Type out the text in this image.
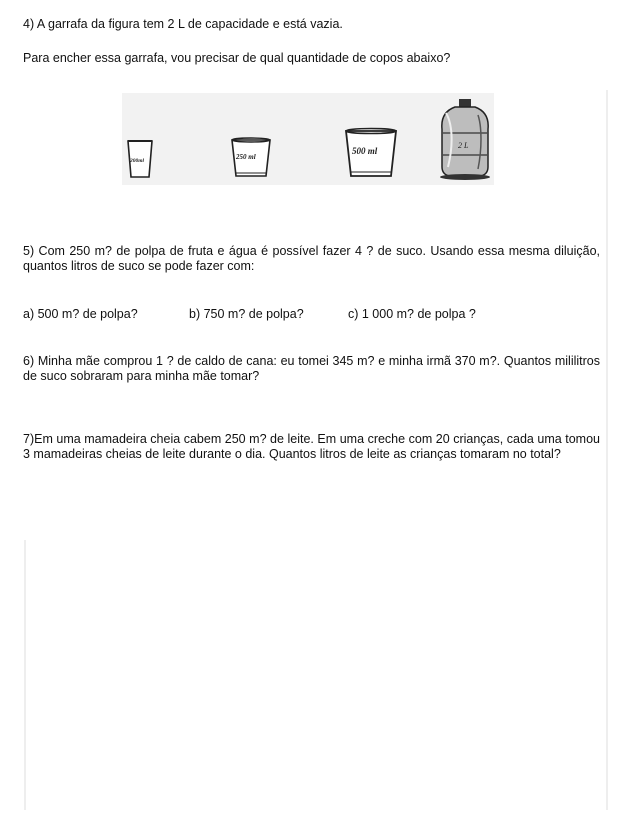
4) A garrafa da figura tem 2 L de capacidade e está vazia.

Para encher essa garrafa, vou precisar de qual quantidade de copos abaixo?

200ml	250 ml
500 ml
2 L

5) Com 250 m? de polpa de fruta e água é possível fazer 4 ? de suco. Usando essa mesma diluição, quantos litros de suco se pode fazer com:

a) 500 m? de polpa?	b) 750 m? de polpa?	c) 1 000 m? de polpa ?

6) Minha mãe comprou 1 ? de caldo de cana: eu tomei 345 m? e minha irmã 370 m?. Quantos mililitros de suco sobraram para minha mãe tomar?

7)Em uma mamadeira cheia cabem 250 m? de leite. Em uma creche com 20 crianças, cada uma tomou 3 mamadeiras cheias de leite durante o dia. Quantos litros de leite as crianças tomaram no total?
